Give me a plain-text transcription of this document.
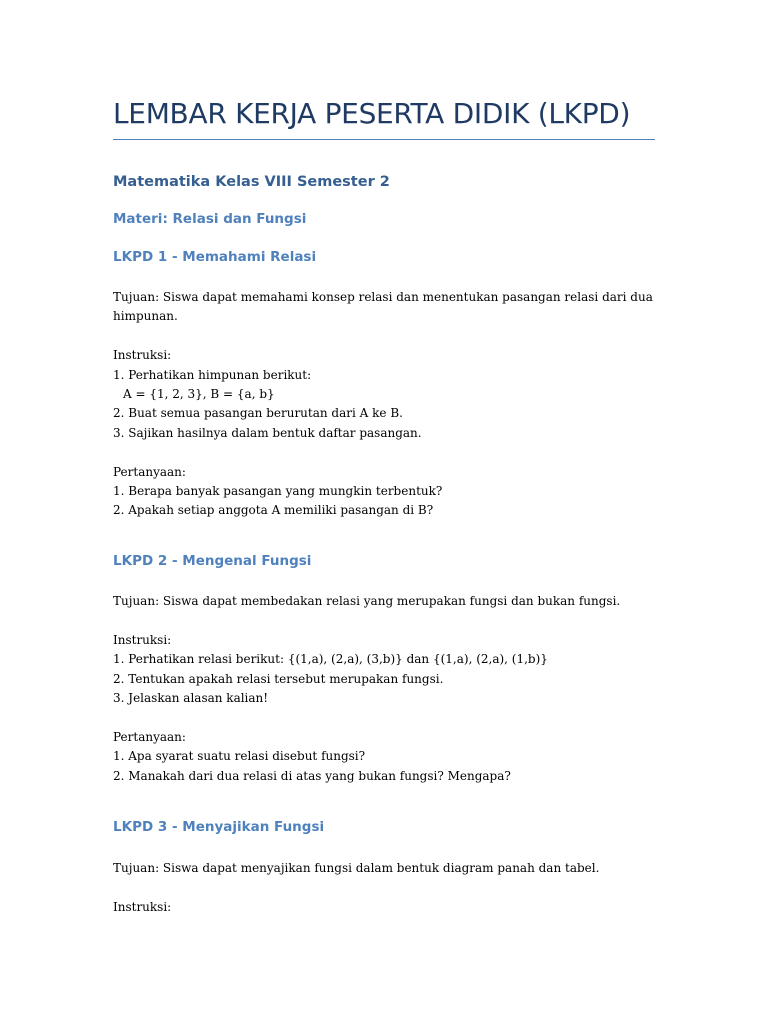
LEMBAR KERJA PESERTA DIDIK (LKPD)
Matematika Kelas VIII Semester 2
Materi: Relasi dan Fungsi
LKPD 1 - Memahami Relasi
Tujuan: Siswa dapat memahami konsep relasi dan menentukan pasangan relasi dari dua himpunan.
Instruksi:
1. Perhatikan himpunan berikut:
A = {1, 2, 3}, B = {a, b}
2. Buat semua pasangan berurutan dari A ke B.
3. Sajikan hasilnya dalam bentuk daftar pasangan.
Pertanyaan:
1. Berapa banyak pasangan yang mungkin terbentuk?
2. Apakah setiap anggota A memiliki pasangan di B?
LKPD 2 - Mengenal Fungsi
Tujuan: Siswa dapat membedakan relasi yang merupakan fungsi dan bukan fungsi.
Instruksi:
1. Perhatikan relasi berikut: {(1,a), (2,a), (3,b)} dan {(1,a), (2,a), (1,b)}
2. Tentukan apakah relasi tersebut merupakan fungsi.
3. Jelaskan alasan kalian!
Pertanyaan:
1. Apa syarat suatu relasi disebut fungsi?
2. Manakah dari dua relasi di atas yang bukan fungsi? Mengapa?
LKPD 3 - Menyajikan Fungsi
Tujuan: Siswa dapat menyajikan fungsi dalam bentuk diagram panah dan tabel.
Instruksi:
